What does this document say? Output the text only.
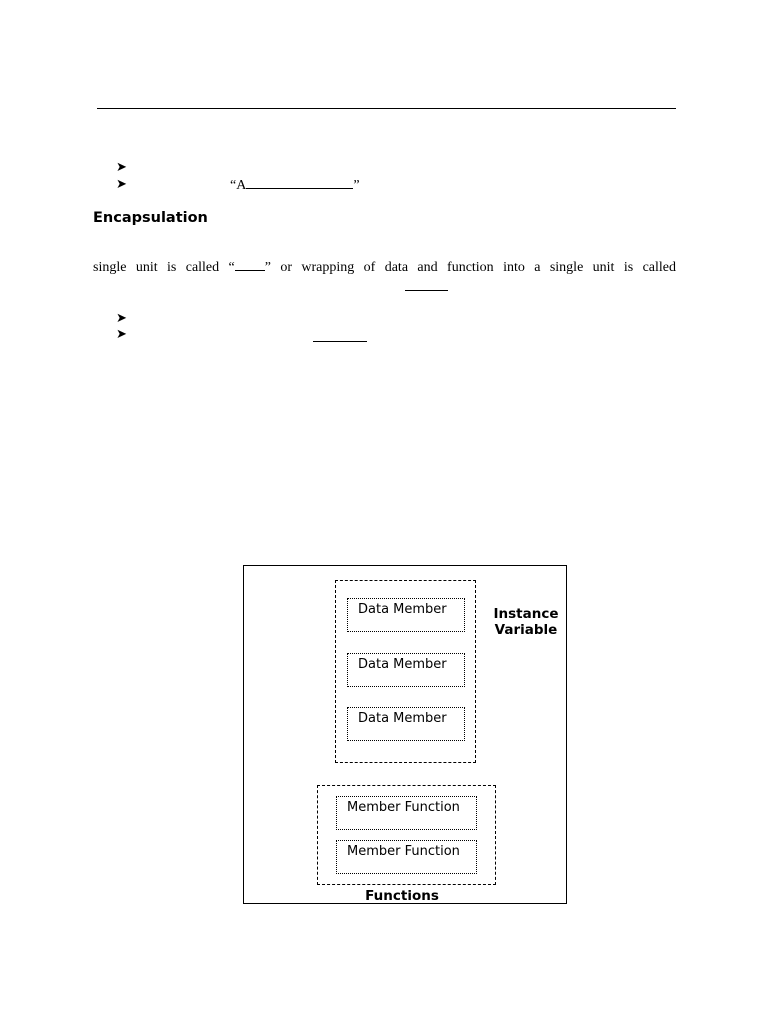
➤
➤	“A	”
Encapsulation
single unit is called “ ” or wrapping of data and function into a single unit is called
➤
➤
Data Member
Data Member
Data Member
Instance
Variable
Member Function
Member Function
Functions
